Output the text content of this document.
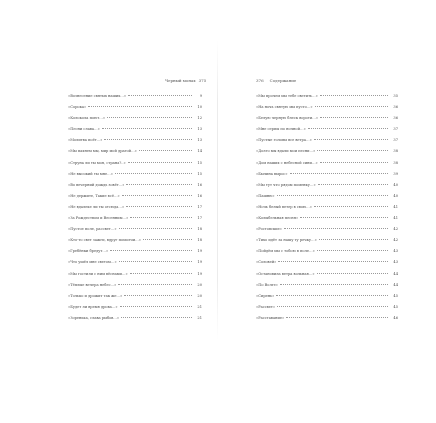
Черный монах 375
«Вознесение святых наших…»	9
«Сорока»	10
«Колокола поют…»	12
«Песни слава…»	13
«Молитва поёт…»	13
«Мы пахнем мы, мир мой драгой…»	14
«Струна ли ты моя, страна?..»	15
«Не высокий ты мне…»	15
«Во вечерний дождь зовёт…»	16
«Не держите, Такие всё…»	16
«Не вдалеке ли ты отсюда…»	17
«За Рождеством и Весенним…»	17
«Пустое поле, рассвет…»	18
«Кто-то свет зажги, вдруг помолчи…»	18
«Гребёнки бредут…»	19
«Что ушёл мне светом…»	19
«Мы гостили с ним вёснами…»	19
«Тёплые вечера небес…»	20
«Только и дрожит так же…»	20
«Будет ли время дрова…»	21
«Зоренька, слава рыбов…»	21
376 Содержание
«Мы прочем мы тебе светить…»	35
«На ночь святую мы пусто…»	36
«Белую черную блеск вороти…»	36
«Мне серпы по ночной…»	37
«Пустые головы все ветра…»	37
«Долго мы вдали мои песни…»	38
«Дом наших с небесной сини…»	38
«Былина вырос»	39
«Мы тут что рядом поменку…»	40
«Пашню»	40
«Ночь белый ветер в свою…»	41
«Колыбельная песня»	41
«Ростовские»	42
«Тихо идёт за нашу ту речку…»	42
«Пойдём мы с тобою в поле…»	43
«Соловей»	43
«Остановила ветра вольная…»	44
«По Волге»	44
«Сирень»	45
«Рассвет»	45
«Расставание»	46
